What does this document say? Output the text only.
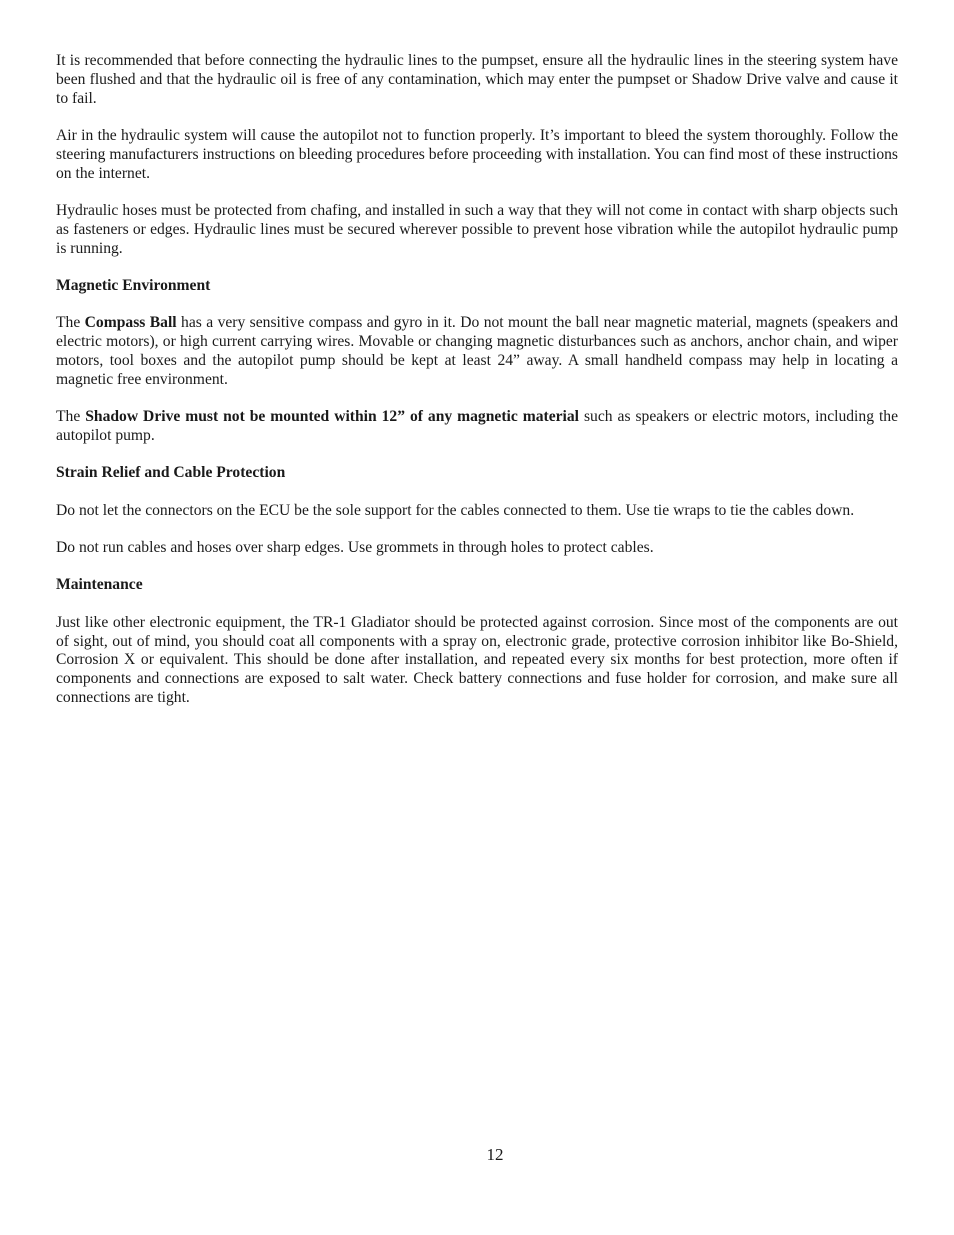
It is recommended that before connecting the hydraulic lines to the pumpset, ensure all the hydraulic lines in the steering system have been flushed and that the hydraulic oil is free of any contamination, which may enter the pumpset or Shadow Drive valve and cause it to fail.

Air in the hydraulic system will cause the autopilot not to function properly. It’s important to bleed the system thoroughly. Follow the steering manufacturers instructions on bleeding procedures before proceeding with installation. You can find most of these instructions on the internet.

Hydraulic hoses must be protected from chafing, and installed in such a way that they will not come in contact with sharp objects such as fasteners or edges. Hydraulic lines must be secured wherever possible to prevent hose vibration while the autopilot hydraulic pump is running.

Magnetic Environment

The Compass Ball has a very sensitive compass and gyro in it. Do not mount the ball near magnetic material, magnets (speakers and electric motors), or high current carrying wires. Movable or changing magnetic disturbances such as anchors, anchor chain, and wiper motors, tool boxes and the autopilot pump should be kept at least 24” away. A small handheld compass may help in locating a magnetic free environment.

The Shadow Drive must not be mounted within 12” of any magnetic material such as speakers or electric motors, including the autopilot pump.

Strain Relief and Cable Protection

Do not let the connectors on the ECU be the sole support for the cables connected to them. Use tie wraps to tie the cables down.

Do not run cables and hoses over sharp edges. Use grommets in through holes to protect cables.

Maintenance

Just like other electronic equipment, the TR-1 Gladiator should be protected against corrosion. Since most of the components are out of sight, out of mind, you should coat all components with a spray on, electronic grade, protective corrosion inhibitor like Bo-Shield, Corrosion X or equivalent. This should be done after installation, and repeated every six months for best protection, more often if components and connections are exposed to salt water. Check battery connections and fuse holder for corrosion, and make sure all connections are tight.

12
